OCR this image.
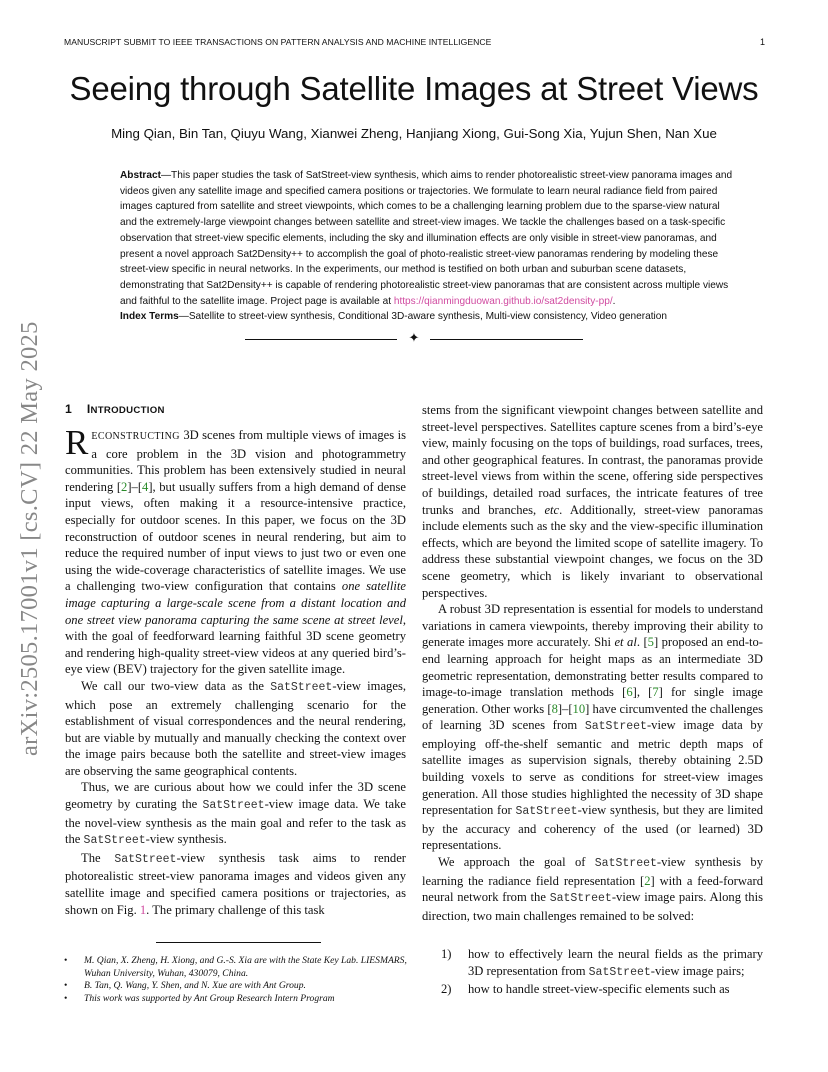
MANUSCRIPT SUBMIT TO IEEE TRANSACTIONS ON PATTERN ANALYSIS AND MACHINE INTELLIGENCE	1
arXiv:2505.17001v1 [cs.CV] 22 May 2025
Seeing through Satellite Images at Street Views
Ming Qian, Bin Tan, Qiuyu Wang, Xianwei Zheng, Hanjiang Xiong, Gui-Song Xia, Yujun Shen, Nan Xue
Abstract—This paper studies the task of SatStreet-view synthesis, which aims to render photorealistic street-view panorama images and videos given any satellite image and specified camera positions or trajectories. We formulate to learn neural radiance field from paired images captured from satellite and street viewpoints, which comes to be a challenging learning problem due to the sparse-view natural and the extremely-large viewpoint changes between satellite and street-view images. We tackle the challenges based on a task-specific observation that street-view specific elements, including the sky and illumination effects are only visible in street-view panoramas, and present a novel approach Sat2Density++ to accomplish the goal of photo-realistic street-view panoramas rendering by modeling these street-view specific in neural networks. In the experiments, our method is testified on both urban and suburban scene datasets, demonstrating that Sat2Density++ is capable of rendering photorealistic street-view panoramas that are consistent across multiple views and faithful to the satellite image. Project page is available at https://qianmingduowan.github.io/sat2density-pp/.
Index Terms—Satellite to street-view synthesis, Conditional 3D-aware synthesis, Multi-view consistency, Video generation
✦
1 INTRODUCTION

RECONSTRUCTING 3D scenes from multiple views of images is a core problem in the 3D vision and photogrammetry communities. This problem has been extensively studied in neural rendering [2]–[4], but usually suffers from a high demand of dense input views, often making it a resource-intensive practice, especially for outdoor scenes. In this paper, we focus on the 3D reconstruction of outdoor scenes in neural rendering, but aim to reduce the required number of input views to just two or even one using the wide-coverage characteristics of satellite images. We use a challenging two-view configuration that contains one satellite image capturing a large-scale scene from a distant location and one street view panorama capturing the same scene at street level, with the goal of feedforward learning faithful 3D scene geometry and rendering high-quality street-view videos at any queried bird’s-eye view (BEV) trajectory for the given satellite image.

We call our two-view data as the SatStreet-view images, which pose an extremely challenging scenario for the establishment of visual correspondences and the neural rendering, but are viable by mutually and manually checking the context over the image pairs because both the satellite and street-view images are observing the same geographical contents.

Thus, we are curious about how we could infer the 3D scene geometry by curating the SatStreet-view image data. We take the novel-view synthesis as the main goal and refer to the task as the SatStreet-view synthesis.

The SatStreet-view synthesis task aims to render photorealistic street-view panorama images and videos given any satellite image and specified camera positions or trajectories, as shown on Fig. 1. The primary challenge of this task

• M. Qian, X. Zheng, H. Xiong, and G.-S. Xia are with the State Key Lab. LIESMARS, Wuhan University, Wuhan, 430079, China.
• B. Tan, Q. Wang, Y. Shen, and N. Xue are with Ant Group.
• This work was supported by Ant Group Research Intern Program

stems from the significant viewpoint changes between satellite and street-level perspectives. Satellites capture scenes from a bird’s-eye view, mainly focusing on the tops of buildings, road surfaces, trees, and other geographical features. In contrast, the panoramas provide street-level views from within the scene, offering side perspectives of buildings, detailed road surfaces, the intricate features of tree trunks and branches, etc. Additionally, street-view panoramas include elements such as the sky and the view-specific illumination effects, which are beyond the limited scope of satellite imagery. To address these substantial viewpoint changes, we focus on the 3D scene geometry, which is likely invariant to observational perspectives.

A robust 3D representation is essential for models to understand variations in camera viewpoints, thereby improving their ability to generate images more accurately. Shi et al. [5] proposed an end-to-end learning approach for height maps as an intermediate 3D geometric representation, demonstrating better results compared to image-to-image translation methods [6], [7] for single image generation. Other works [8]–[10] have circumvented the challenges of learning 3D scenes from SatStreet-view image data by employing off-the-shelf semantic and metric depth maps of satellite images as supervision signals, thereby obtaining 2.5D building voxels to serve as conditions for street-view images generation. All those studies highlighted the necessity of 3D shape representation for SatStreet-view synthesis, but they are limited by the accuracy and coherency of the used (or learned) 3D representations.

We approach the goal of SatStreet-view synthesis by learning the radiance field representation [2] with a feed-forward neural network from the SatStreet-view image pairs. Along this direction, two main challenges remained to be solved:

1) how to effectively learn the neural fields as the primary 3D representation from SatStreet-view image pairs;
2) how to handle street-view-specific elements such as
